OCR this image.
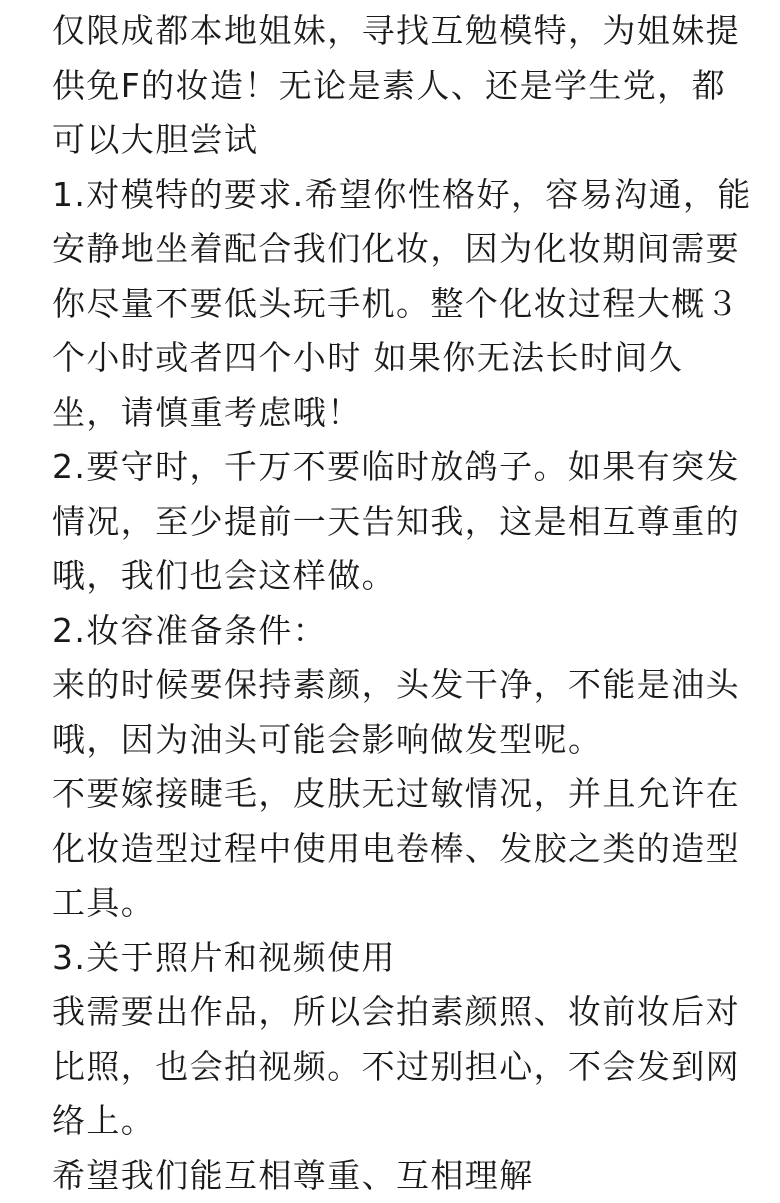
仅限成都本地姐妹，寻找互勉模特，为姐妹提
供免F的妆造！无论是素人、还是学生党，都
可以大胆尝试
1.对模特的要求.希望你性格好，容易沟通，能
安静地坐着配合我们化妆，因为化妆期间需要
你尽量不要低头玩手机。整个化妆过程大概３
个小时或者四个小时 如果你无法长时间久
坐，请慎重考虑哦！
2.要守时，千万不要临时放鸽子。如果有突发
情况，至少提前一天告知我，这是相互尊重的
哦，我们也会这样做。
2.妆容准备条件：
来的时候要保持素颜，头发干净，不能是油头
哦，因为油头可能会影响做发型呢。
不要嫁接睫毛，皮肤无过敏情况，并且允许在
化妆造型过程中使用电卷棒、发胶之类的造型
工具。
3.关于照片和视频使用
我需要出作品，所以会拍素颜照、妆前妆后对
比照，也会拍视频。不过别担心，不会发到网
络上。
希望我们能互相尊重、互相理解
